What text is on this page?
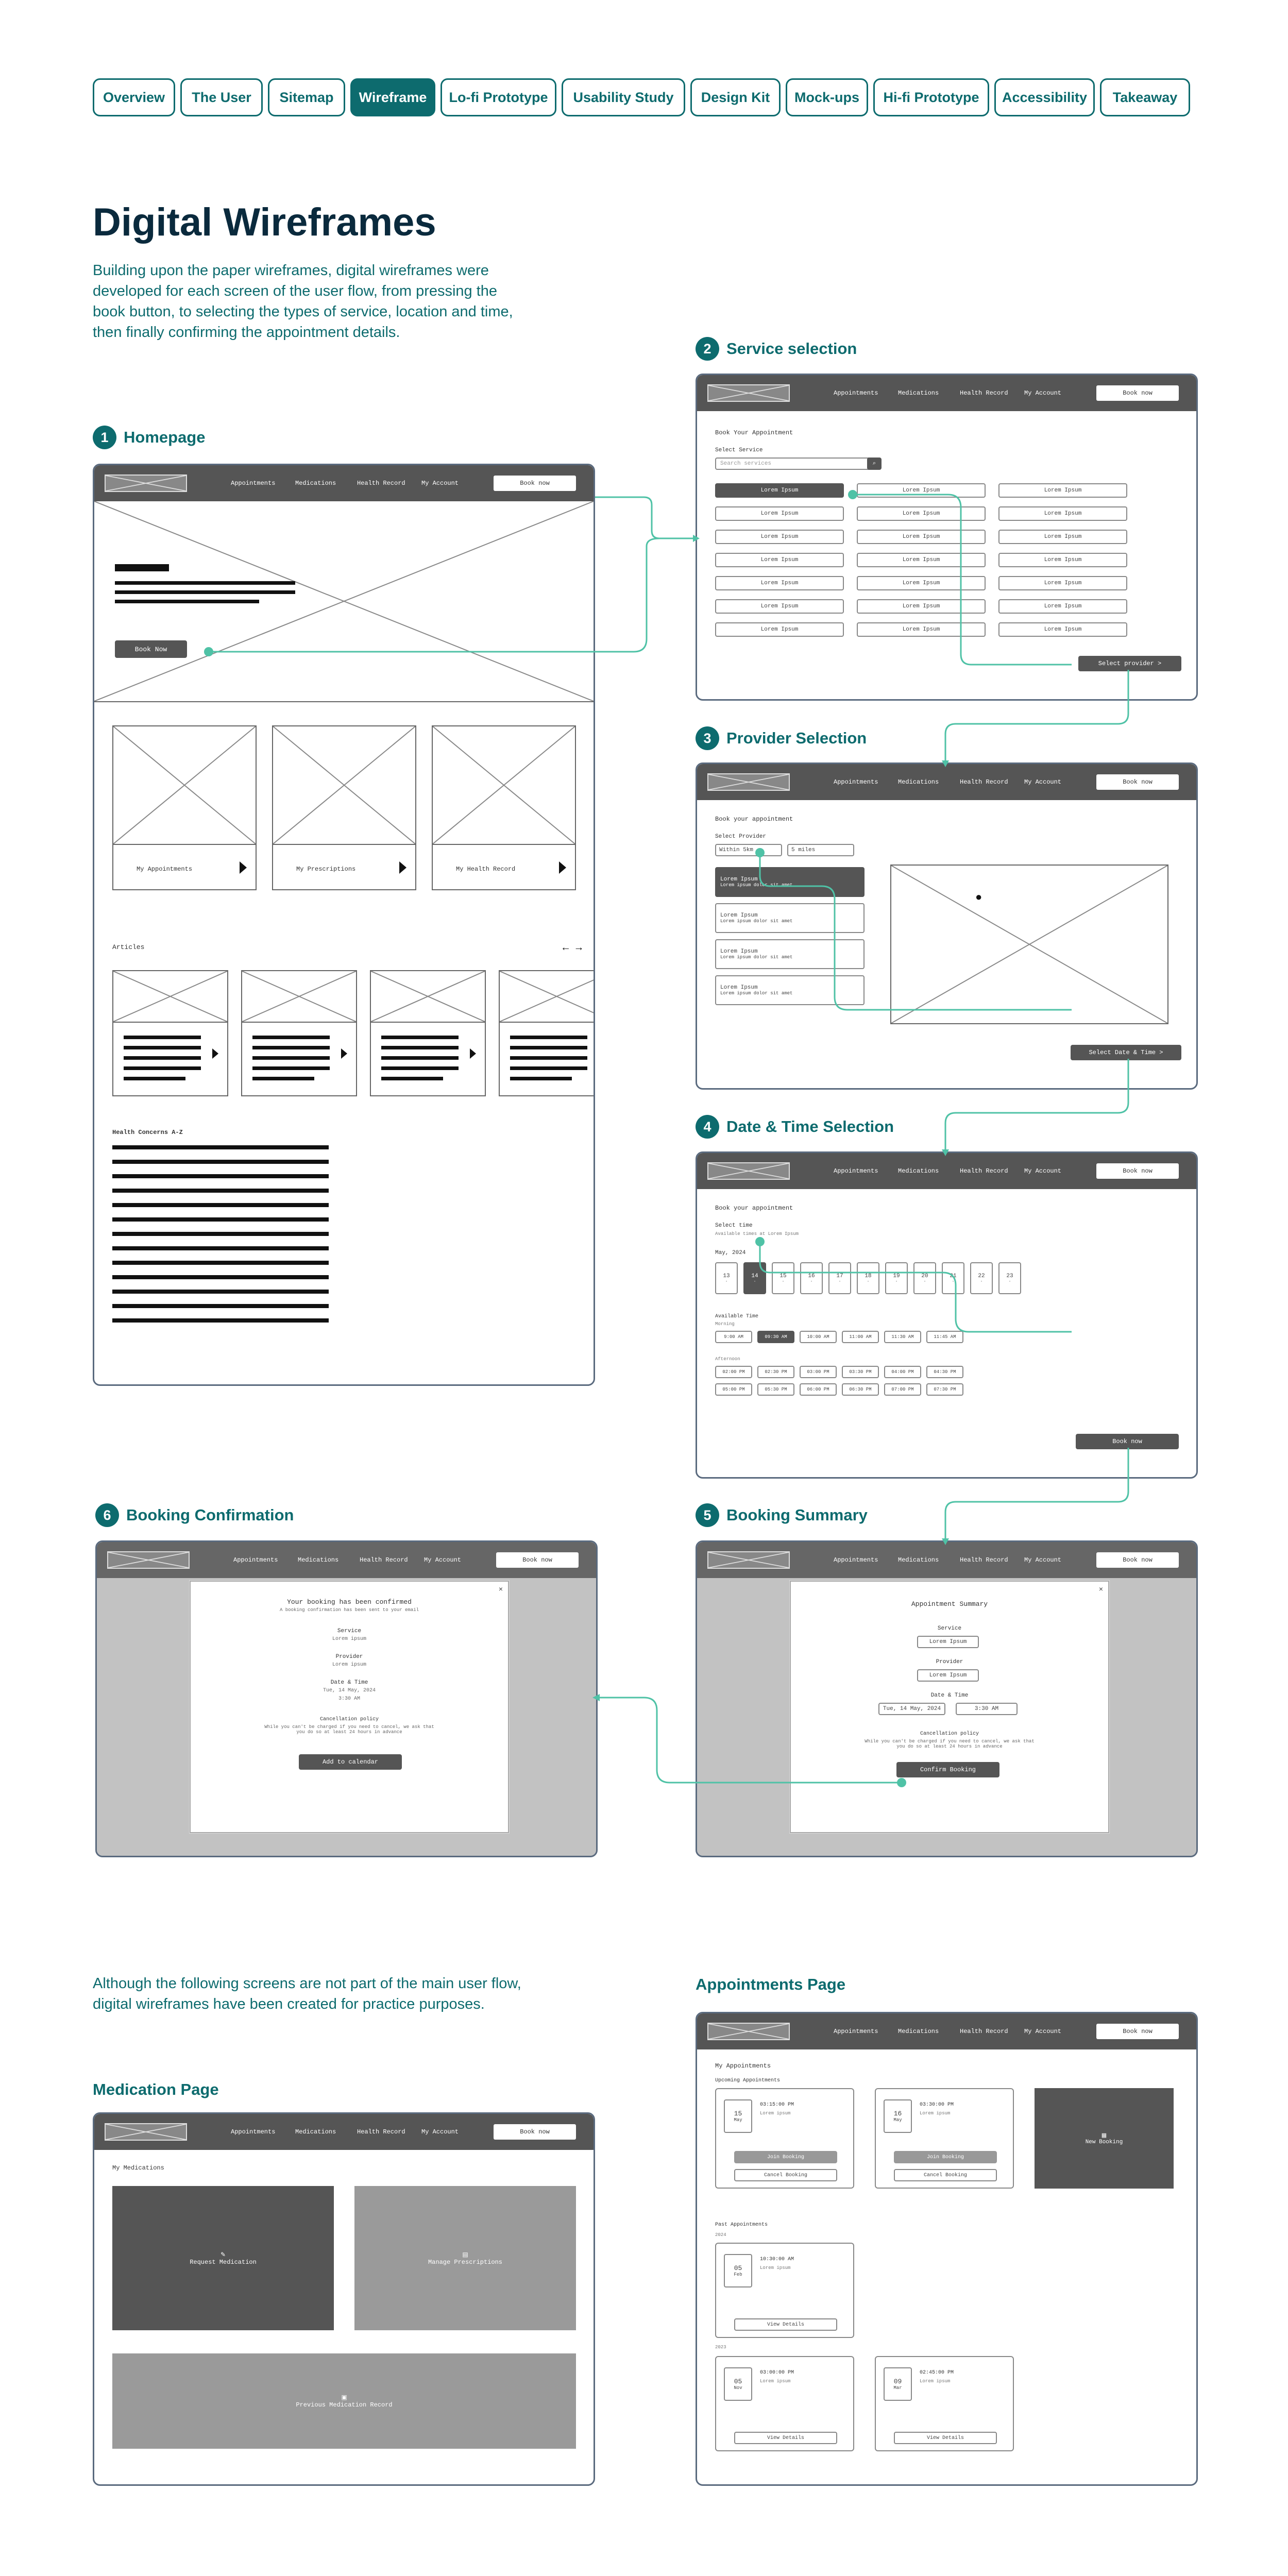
Overview	The User	Sitemap	Wireframe	Lo-fi Prototype	Usability Study	Design Kit	Mock-ups	Hi-fi Prototype	Accessibility	Takeaway
Digital Wireframes
Building upon the paper wireframes, digital wireframes were developed for each screen of the user flow, from pressing the book button, to selecting the types of service, location and time, then finally confirming the appointment details.
1 Homepage
2 Service selection
3 Provider Selection
4 Date & Time Selection
5 Booking Summary
6 Booking Confirmation
Appointments	Medications	Health Record	My Account	Book now
Book Now
My Appointments	My Prescriptions	My Health Record
Articles	← →
Health Concerns A-Z
Appointments	Medications	Health Record	My Account	Book now
Book Your Appointment
Select Service
Search services	⌕
Lorem Ipsum	Lorem Ipsum	Lorem Ipsum
Lorem Ipsum	Lorem Ipsum	Lorem Ipsum
Lorem Ipsum	Lorem Ipsum	Lorem Ipsum
Lorem Ipsum	Lorem Ipsum	Lorem Ipsum
Lorem Ipsum	Lorem Ipsum	Lorem Ipsum
Lorem Ipsum	Lorem Ipsum	Lorem Ipsum
Lorem Ipsum	Lorem Ipsum	Lorem Ipsum
Select provider >
Appointments	Medications	Health Record	My Account	Book now
Book your appointment
Select Provider
Within 5km	5 miles
Lorem Ipsum
Lorem ipsum dolor sit amet
Lorem Ipsum
Lorem ipsum dolor sit amet
Lorem Ipsum
Lorem ipsum dolor sit amet
Lorem Ipsum
Lorem ipsum dolor sit amet
●
Select Date & Time >
Appointments	Medications	Health Record	My Account	Book now
Book your appointment
Select time
Available times at Lorem Ipsum
May, 2024
13
·
14
·
15
·
16
·
17
·
18
·
19
·
20
·
21
·
22
·
23
·
Available Time
Morning
9:00 AM	09:30 AM	10:00 AM	11:00 AM	11:30 AM	11:45 AM
Afternoon
02:00 PM	02:30 PM	03:00 PM	03:30 PM	04:00 PM	04:30 PM
05:00 PM	05:30 PM	06:00 PM	06:30 PM	07:00 PM	07:30 PM
Book now
Appointments	Medications	Health Record	My Account	Book now
×
Appointment Summary
Service
Lorem Ipsum
Provider
Lorem Ipsum
Date & Time
Tue, 14 May, 2024	3:30 AM
Cancellation policy
While you can't be charged if you need to cancel, we ask that you do so at least 24 hours in advance
Confirm Booking
Appointments	Medications	Health Record	My Account	Book now
×
Your booking has been confirmed
A booking confirmation has been sent to your email
Service
Lorem ipsum
Provider
Lorem ipsum
Date & Time
Tue, 14 May, 2024
3:30 AM
Cancellation policy
While you can't be charged if you need to cancel, we ask that you do so at least 24 hours in advance
Add to calendar
Although the following screens are not part of the main user flow, digital wireframes have been created for practice purposes.
Medication Page
Appointments Page
Appointments	Medications	Health Record	My Account	Book now
My Medications
✎
Request Medication
▤
Manage Prescriptions
▣
Previous Medication Record
Appointments	Medications	Health Record	My Account	Book now
My Appointments
Upcoming Appointments
Past Appointments
2024
2023
15
May
03:15:00 PM
Lorem ipsum
Join Booking
Cancel Booking
16
May
03:30:00 PM
Lorem ipsum
Join Booking
Cancel Booking
05
Feb
10:30:00 AM
Lorem ipsum
View Details
05
Nov
03:00:00 PM
Lorem ipsum
View Details
09
Mar
02:45:00 PM
Lorem ipsum
View Details
▦
New Booking
